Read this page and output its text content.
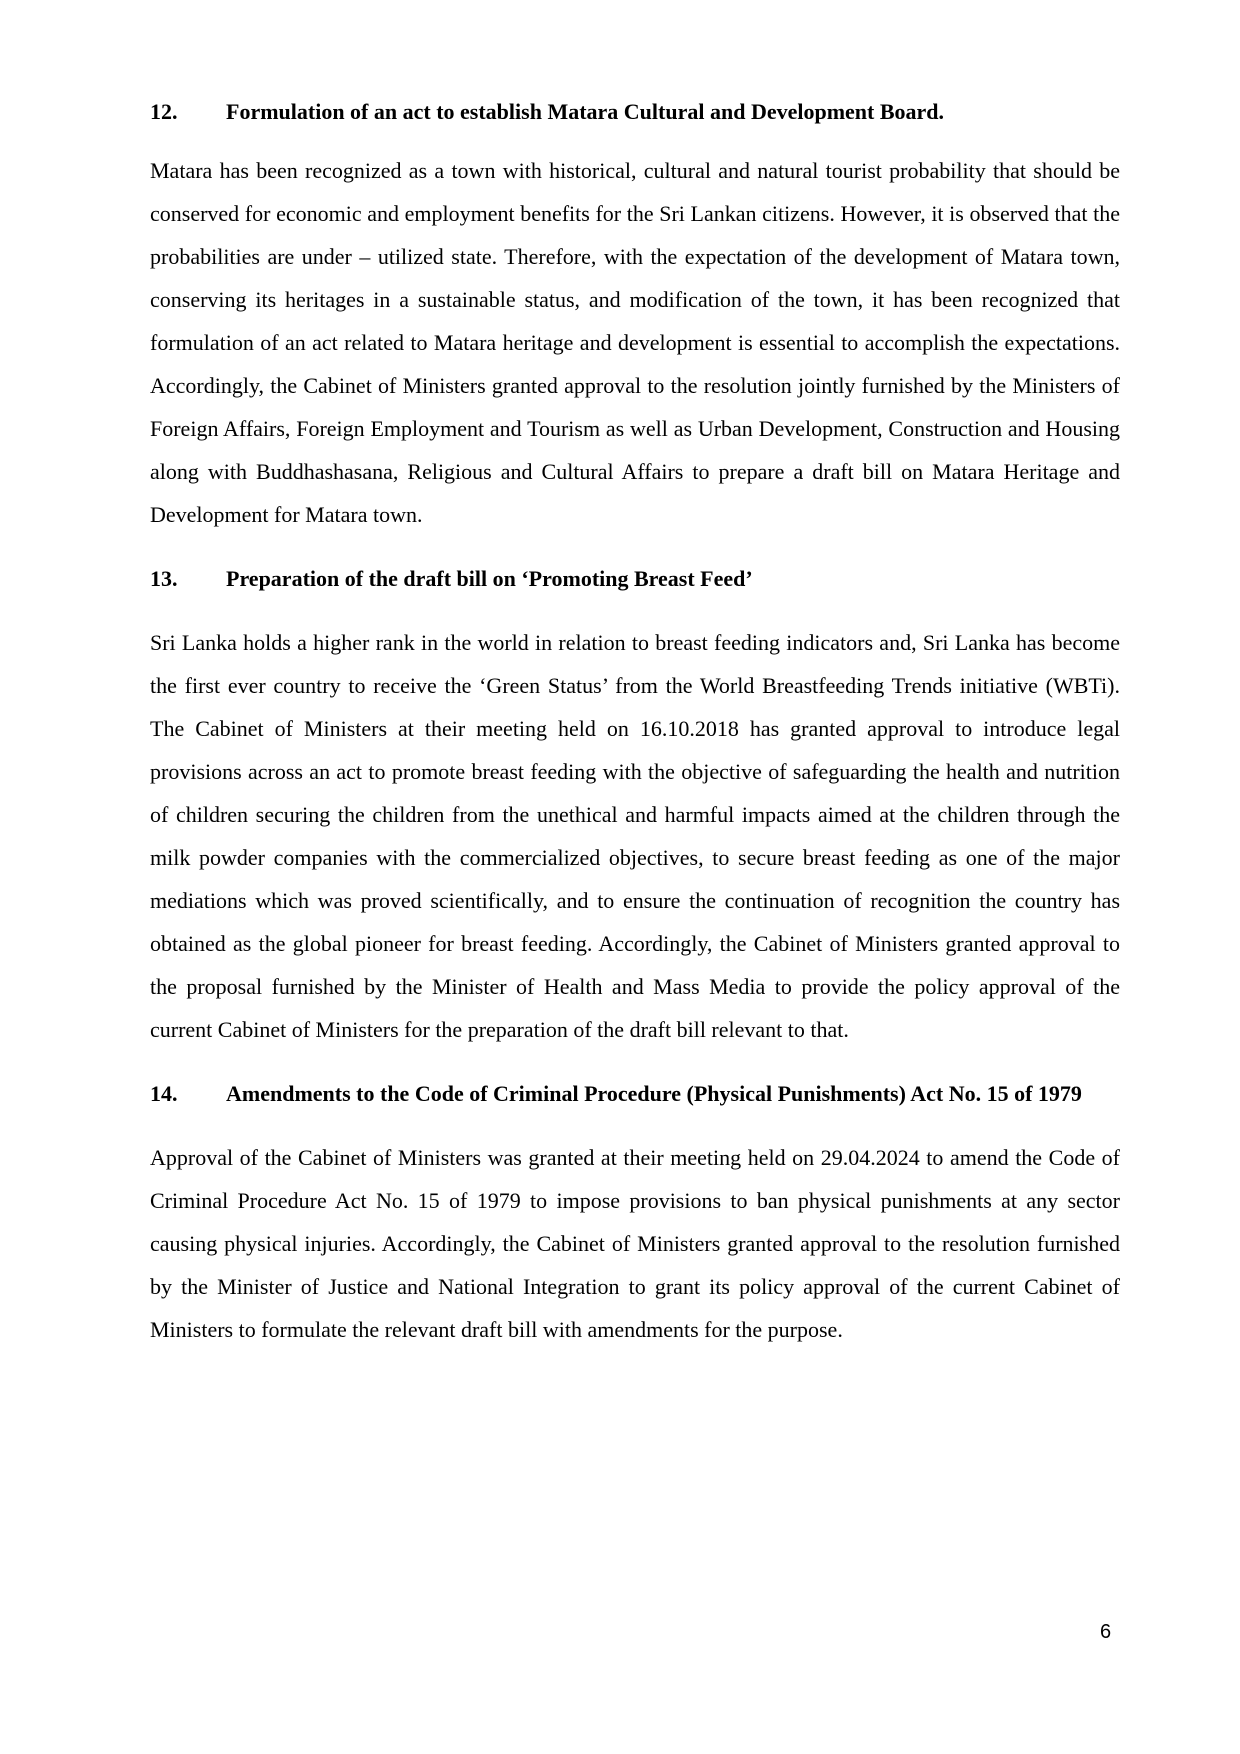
12.	Formulation of an act to establish Matara Cultural and Development Board.

Matara has been recognized as a town with historical, cultural and natural tourist probability that should be conserved for economic and employment benefits for the Sri Lankan citizens. However, it is observed that the probabilities are under – utilized state. Therefore, with the expectation of the development of Matara town, conserving its heritages in a sustainable status, and modification of the town, it has been recognized that formulation of an act related to Matara heritage and development is essential to accomplish the expectations. Accordingly, the Cabinet of Ministers granted approval to the resolution jointly furnished by the Ministers of Foreign Affairs, Foreign Employment and Tourism as well as Urban Development, Construction and Housing along with Buddhashasana, Religious and Cultural Affairs to prepare a draft bill on Matara Heritage and Development for Matara town.

13.	Preparation of the draft bill on ‘Promoting Breast Feed’

Sri Lanka holds a higher rank in the world in relation to breast feeding indicators and, Sri Lanka has become the first ever country to receive the ‘Green Status’ from the World Breastfeeding Trends initiative (WBTi). The Cabinet of Ministers at their meeting held on 16.10.2018 has granted approval to introduce legal provisions across an act to promote breast feeding with the objective of safeguarding the health and nutrition of children securing the children from the unethical and harmful impacts aimed at the children through the milk powder companies with the commercialized objectives, to secure breast feeding as one of the major mediations which was proved scientifically, and to ensure the continuation of recognition the country has obtained as the global pioneer for breast feeding. Accordingly, the Cabinet of Ministers granted approval to the proposal furnished by the Minister of Health and Mass Media to provide the policy approval of the current Cabinet of Ministers for the preparation of the draft bill relevant to that.

14.	Amendments to the Code of Criminal Procedure (Physical Punishments) Act No. 15 of 1979

Approval of the Cabinet of Ministers was granted at their meeting held on 29.04.2024 to amend the Code of Criminal Procedure Act No. 15 of 1979 to impose provisions to ban physical punishments at any sector causing physical injuries. Accordingly, the Cabinet of Ministers granted approval to the resolution furnished by the Minister of Justice and National Integration to grant its policy approval of the current Cabinet of Ministers to formulate the relevant draft bill with amendments for the purpose.

6
